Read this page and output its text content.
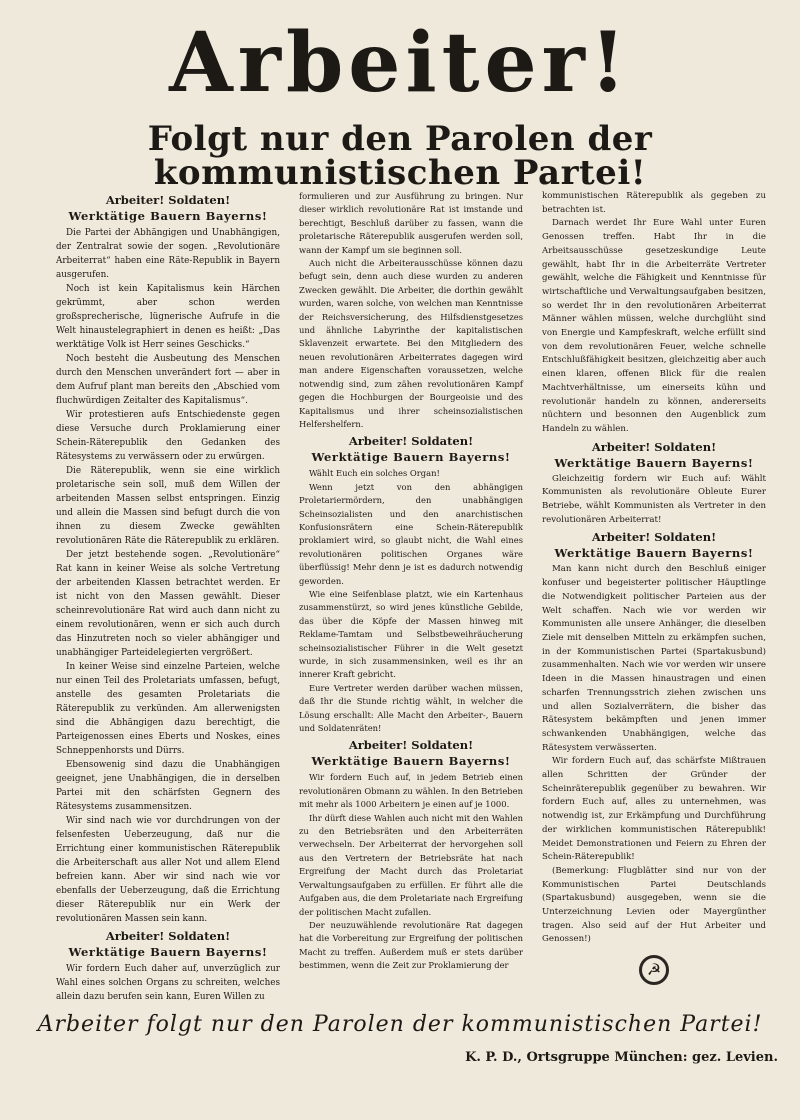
Arbeiter!
Folgt nur den Parolen der kommunistischen Partei!
Arbeiter! Soldaten!
Werktätige Bauern Bayerns!

Die Partei der Abhängigen und Unabhängigen, der Zentralrat sowie der sogen. „Revolutionäre Arbeiterrat“ haben eine Räte-Republik in Bayern ausgerufen.

Noch ist kein Kapitalismus kein Härchen gekrümmt, aber schon werden großsprecherische, lügnerische Aufrufe in die Welt hinaustelegraphiert in denen es heißt: „Das werktätige Volk ist Herr seines Geschicks.“

Noch besteht die Ausbeutung des Menschen durch den Menschen unverändert fort — aber in dem Aufruf plant man bereits den „Abschied vom fluchwürdigen Zeitalter des Kapitalismus“.

Wir protestieren aufs Entschiedenste gegen diese Versuche durch Proklamierung einer Schein-Räterepublik den Gedanken des Rätesystems zu verwässern oder zu erwürgen.

Die Räterepublik, wenn sie eine wirklich proletarische sein soll, muß dem Willen der arbeitenden Massen selbst entspringen. Einzig und allein die Massen sind befugt durch die von ihnen zu diesem Zwecke gewählten revolutionären Räte die Räterepublik zu erklären.

Der jetzt bestehende sogen. „Revolutionäre“ Rat kann in keiner Weise als solche Vertretung der arbeitenden Klassen betrachtet werden. Er ist nicht von den Massen gewählt. Dieser scheinrevolutionäre Rat wird auch dann nicht zu einem revolutionären, wenn er sich auch durch das Hinzutreten noch so vieler abhängiger und unabhängiger Parteidelegierten vergrößert.

In keiner Weise sind einzelne Parteien, welche nur einen Teil des Proletariats umfassen, befugt, anstelle des gesamten Proletariats die Räterepublik zu verkünden. Am allerwenigsten sind die Abhängigen dazu berechtigt, die Parteigenossen eines Eberts und Noskes, eines Schneppenhorsts und Dürrs.

Ebensowenig sind dazu die Unabhängigen geeignet, jene Unabhängigen, die in derselben Partei mit den schärfsten Gegnern des Rätesystems zusammensitzen.

Wir sind nach wie vor durchdrungen von der felsenfesten Ueberzeugung, daß nur die Errichtung einer kommunistischen Räterepublik die Arbeiterschaft aus aller Not und allem Elend befreien kann. Aber wir sind nach wie vor ebenfalls der Ueberzeugung, daß die Errichtung dieser Räterepublik nur ein Werk der revolutionären Massen sein kann.

Arbeiter! Soldaten!
Werktätige Bauern Bayerns!

Wir fordern Euch daher auf, unverzüglich zur Wahl eines solchen Organs zu schreiten, welches allein dazu berufen sein kann, Euren Willen zu

formulieren und zur Ausführung zu bringen. Nur dieser wirklich revolutionäre Rat ist imstande und berechtigt, Beschluß darüber zu fassen, wann die proletarische Räterepublik ausgerufen werden soll, wann der Kampf um sie beginnen soll.

Auch nicht die Arbeiterausschüsse können dazu befugt sein, denn auch diese wurden zu anderen Zwecken gewählt. Die Arbeiter, die dorthin gewählt wurden, waren solche, von welchen man Kenntnisse der Reichsversicherung, des Hilfsdienstgesetzes und ähnliche Labyrinthe der kapitalistischen Sklavenzeit erwartete. Bei den Mitgliedern des neuen revolutionären Arbeiterrates dagegen wird man andere Eigenschaften voraussetzen, welche notwendig sind, zum zähen revolutionären Kampf gegen die Hochburgen der Bourgeoisie und des Kapitalismus und ihrer scheinsozialistischen Helfershelfern.

Arbeiter! Soldaten!
Werktätige Bauern Bayerns!

Wählt Euch ein solches Organ!

Wenn jetzt von den abhängigen Proletariermördern, den unabhängigen Scheinsozialisten und den anarchistischen Konfusionsrätern eine Schein-Räterepublik proklamiert wird, so glaubt nicht, die Wahl eines revolutionären politischen Organes wäre überflüssig! Mehr denn je ist es dadurch notwendig geworden.

Wie eine Seifenblase platzt, wie ein Kartenhaus zusammenstürzt, so wird jenes künstliche Gebilde, das über die Köpfe der Massen hinweg mit Reklame-Tamtam und Selbstbeweihräucherung scheinsozialistischer Führer in die Welt gesetzt wurde, in sich zusammensinken, weil es ihr an innerer Kraft gebricht.

Eure Vertreter werden darüber wachen müssen, daß Ihr die Stunde richtig wählt, in welcher die Lösung erschallt: Alle Macht den Arbeiter-, Bauern und Soldatenräten!

Arbeiter! Soldaten!
Werktätige Bauern Bayerns!

Wir fordern Euch auf, in jedem Betrieb einen revolutionären Obmann zu wählen. In den Betrieben mit mehr als 1000 Arbeitern je einen auf je 1000.

Ihr dürft diese Wahlen auch nicht mit den Wahlen zu den Betriebsräten und den Arbeiterräten verwechseln. Der Arbeiterrat der hervorgehen soll aus den Vertretern der Betriebsräte hat nach Ergreifung der Macht durch das Proletariat Verwaltungsaufgaben zu erfüllen. Er führt alle die Aufgaben aus, die dem Proletariate nach Ergreifung der politischen Macht zufallen.

Der neuzuwählende revolutionäre Rat dagegen hat die Vorbereitung zur Ergreifung der politischen Macht zu treffen. Außerdem muß er stets darüber bestimmen, wenn die Zeit zur Proklamierung der

kommunistischen Räterepublik als gegeben zu betrachten ist.

Darnach werdet Ihr Eure Wahl unter Euren Genossen treffen. Habt Ihr in die Arbeitsausschüsse gesetzeskundige Leute gewählt, habt Ihr in die Arbeiterräte Vertreter gewählt, welche die Fähigkeit und Kenntnisse für wirtschaftliche und Verwaltungsaufgaben besitzen, so werdet Ihr in den revolutionären Arbeiterrat Männer wählen müssen, welche durchglüht sind von Energie und Kampfeskraft, welche erfüllt sind von dem revolutionären Feuer, welche schnelle Entschlußfähigkeit besitzen, gleichzeitig aber auch einen klaren, offenen Blick für die realen Machtverhältnisse, um einerseits kühn und revolutionär handeln zu können, andererseits nüchtern und besonnen den Augenblick zum Handeln zu wählen.

Arbeiter! Soldaten!
Werktätige Bauern Bayerns!

Gleichzeitig fordern wir Euch auf: Wählt Kommunisten als revolutionäre Obleute Eurer Betriebe, wählt Kommunisten als Vertreter in den revolutionären Arbeiterrat!

Arbeiter! Soldaten!
Werktätige Bauern Bayerns!

Man kann nicht durch den Beschluß einiger konfuser und begeisterter politischer Häuptlinge die Notwendigkeit politischer Parteien aus der Welt schaffen. Nach wie vor werden wir Kommunisten alle unsere Anhänger, die dieselben Ziele mit denselben Mitteln zu erkämpfen suchen, in der Kommunistischen Partei (Spartakusbund) zusammenhalten. Nach wie vor werden wir unsere Ideen in die Massen hinaustragen und einen scharfen Trennungsstrich ziehen zwischen uns und allen Sozialverrätern, die bisher das Rätesystem bekämpften und jenen immer schwankenden Unabhängigen, welche das Rätesystem verwässerten.

Wir fordern Euch auf, das schärfste Mißtrauen allen Schritten der Gründer der Scheinräterepublik gegenüber zu bewahren. Wir fordern Euch auf, alles zu unternehmen, was notwendig ist, zur Erkämpfung und Durchführung der wirklichen kommunistischen Räterepublik! Meidet Demonstrationen und Feiern zu Ehren der Schein-Räterepublik!

(Bemerkung: Flugblätter sind nur von der Kommunistischen Partei Deutschlands (Spartakusbund) ausgegeben, wenn sie die Unterzeichnung Levien oder Mayergünther tragen. Also seid auf der Hut Arbeiter und Genossen!)

☭

Arbeiter folgt nur den Parolen der kommunistischen Partei!

K. P. D., Ortsgruppe München: gez. Levien.
